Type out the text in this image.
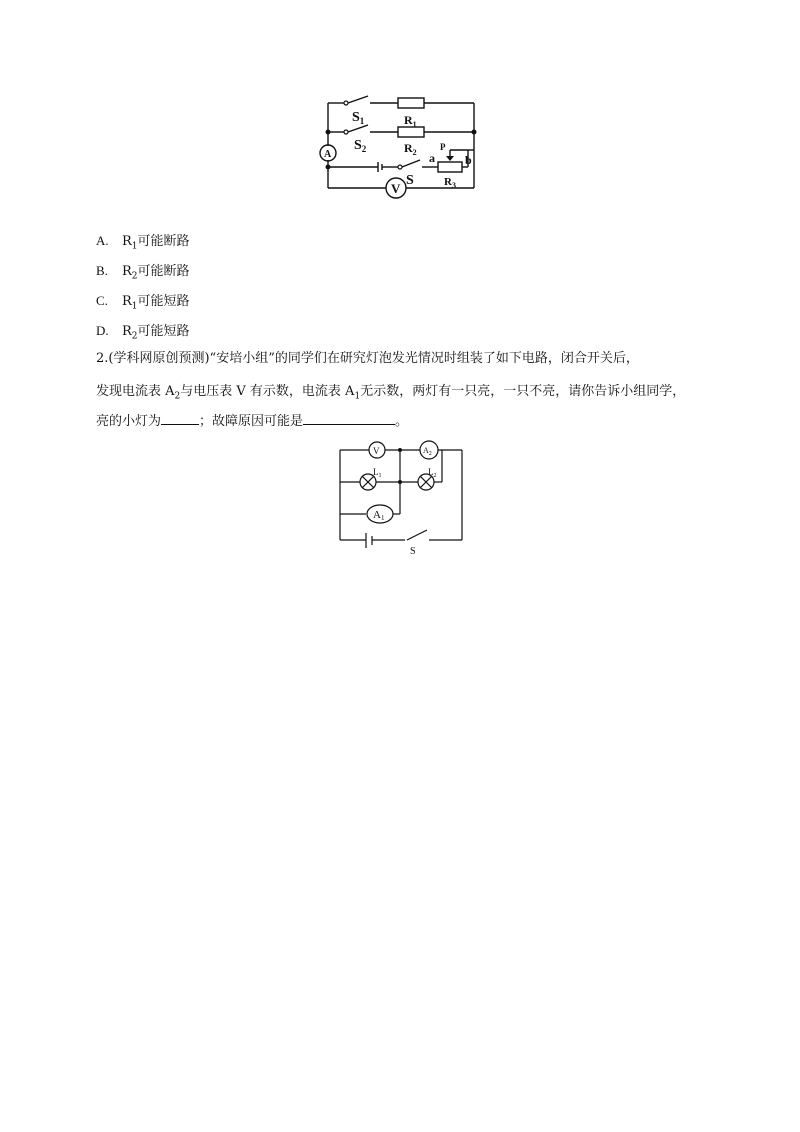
$S_1$	$R_1$
$S_2$	$R_2$
P
a	b
S	$R_3$
A
V
A. $R_1$可能断路
B. $R_2$可能断路
C. $R_1$可能短路
D. $R_2$可能短路
2.(学科网原创预测)“安培小组”的同学们在研究灯泡发光情况时组装了如下电路，闭合开关后，
发现电流表 $A_2$与电压表 V 有示数，电流表 $A_1$无示数，两灯有一只亮，一只不亮，请你告诉小组同学，
亮的小灯为	；故障原因可能是	。
V	$A_2$
$L_1$	$L_2$
A1
S
